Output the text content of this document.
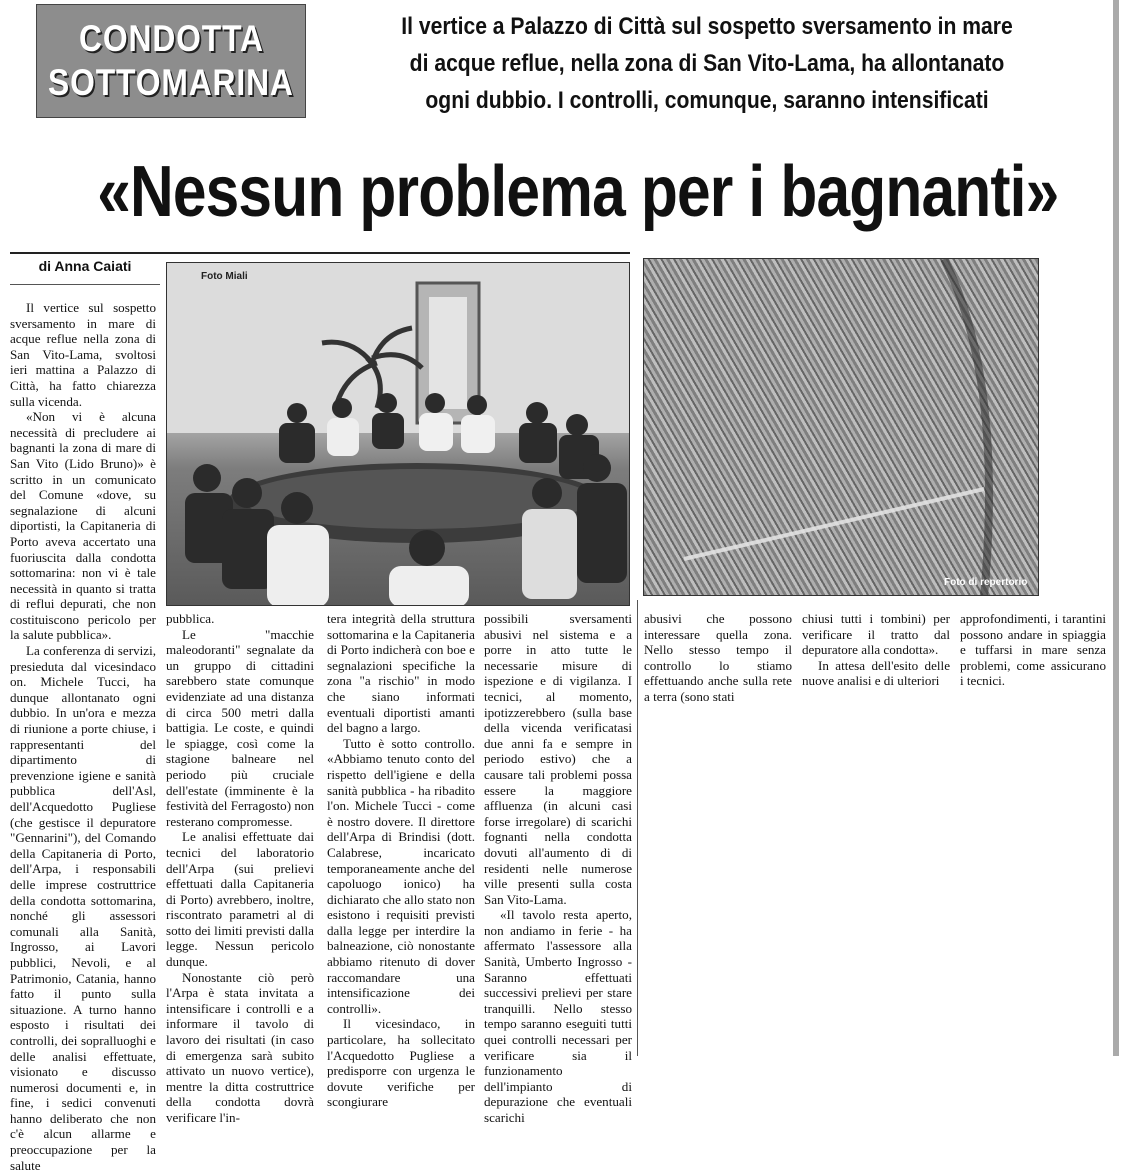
CONDOTTA
SOTTOMARINA
Il vertice a Palazzo di Città sul sospetto sversamento in mare
di acque reflue, nella zona di San Vito-Lama, ha allontanato
ogni dubbio. I controlli, comunque, saranno intensificati
«Nessun problema per i bagnanti»
di Anna Caiati
Foto Miali
Foto di repertorio

Il vertice sul sospetto sversamento in mare di acque reflue nella zona di San Vito-Lama, svoltosi ieri mattina a Palazzo di Città, ha fatto chiarezza sulla vicenda.

«Non vi è alcuna necessità di precludere ai bagnanti la zona di mare di San Vito (Lido Bruno)» è scritto in un comunicato del Comune «dove, su segnalazione di alcuni diportisti, la Capitaneria di Porto aveva accertato una fuoriuscita dalla condotta sottomarina: non vi è tale necessità in quanto si tratta di reflui depurati, che non costituiscono pericolo per la salute pubblica».

La conferenza di servizi, presieduta dal vicesindaco on. Michele Tucci, ha dunque allontanato ogni dubbio. In un'ora e mezza di riunione a porte chiuse, i rappresentanti del dipartimento di prevenzione igiene e sanità pubblica dell'Asl, dell'Acquedotto Pugliese (che gestisce il depuratore "Gennarini"), del Comando della Capitaneria di Porto, dell'Arpa, i responsabili delle imprese costruttrice della condotta sottomarina, nonché gli assessori comunali alla Sanità, Ingrosso, ai Lavori pubblici, Nevoli, e al Patrimonio, Catania, hanno fatto il punto sulla situazione. A turno hanno esposto i risultati dei controlli, dei sopralluoghi e delle analisi effettuate, visionato e discusso numerosi documenti e, in fine, i sedici convenuti hanno deliberato che non c'è alcun allarme e preoccupazione per la salute

pubblica.

Le "macchie maleodoranti" segnalate da un gruppo di cittadini sarebbero state comunque evidenziate ad una distanza di circa 500 metri dalla battigia. Le coste, e quindi le spiagge, così come la stagione balneare nel periodo più cruciale dell'estate (imminente è la festività del Ferragosto) non resterano compromesse.

Le analisi effettuate dai tecnici del laboratorio dell'Arpa (sui prelievi effettuati dalla Capitaneria di Porto) avrebbero, inoltre, riscontrato parametri al di sotto dei limiti previsti dalla legge. Nessun pericolo dunque.

Nonostante ciò però l'Arpa è stata invitata a intensificare i controlli e a informare il tavolo di lavoro dei risultati (in caso di emergenza sarà subito attivato un nuovo vertice), mentre la ditta costruttrice della condotta dovrà verificare l'in-

tera integrità della struttura sottomarina e la Capitaneria di Porto indicherà con boe e segnalazioni specifiche la zona "a rischio" in modo che siano informati eventuali diportisti amanti del bagno a largo.

Tutto è sotto controllo. «Abbiamo tenuto conto del rispetto dell'igiene e della sanità pubblica - ha ribadito l'on. Michele Tucci - come è nostro dovere. Il direttore dell'Arpa di Brindisi (dott. Calabrese, incaricato temporaneamente anche del capoluogo ionico) ha dichiarato che allo stato non esistono i requisiti previsti dalla legge per interdire la balneazione, ciò nonostante abbiamo ritenuto di dover raccomandare una intensificazione dei controlli».

Il vicesindaco, in particolare, ha sollecitato l'Acquedotto Pugliese a predisporre con urgenza le dovute verifiche per scongiurare

possibili sversamenti abusivi nel sistema e a porre in atto tutte le necessarie misure di ispezione e di vigilanza. I tecnici, al momento, ipotizzerebbero (sulla base della vicenda verificatasi due anni fa e sempre in periodo estivo) che a causare tali problemi possa essere la maggiore affluenza (in alcuni casi forse irregolare) di scarichi fognanti nella condotta dovuti all'aumento di di residenti nelle numerose ville presenti sulla costa San Vito-Lama.

«Il tavolo resta aperto, non andiamo in ferie - ha affermato l'assessore alla Sanità, Umberto Ingrosso - Saranno effettuati successivi prelievi per stare tranquilli. Nello stesso tempo saranno eseguiti tutti quei controlli necessari per verificare sia il funzionamento dell'impianto di depurazione che eventuali scarichi

abusivi che possono interessare quella zona. Nello stesso tempo il controllo lo stiamo effettuando anche sulla rete a terra (sono stati

chiusi tutti i tombini) per verificare il tratto dal depuratore alla condotta».

In attesa dell'esito delle nuove analisi e di ulteriori

approfondimenti, i tarantini possono andare in spiaggia e tuffarsi in mare senza problemi, come assicurano i tecnici.
